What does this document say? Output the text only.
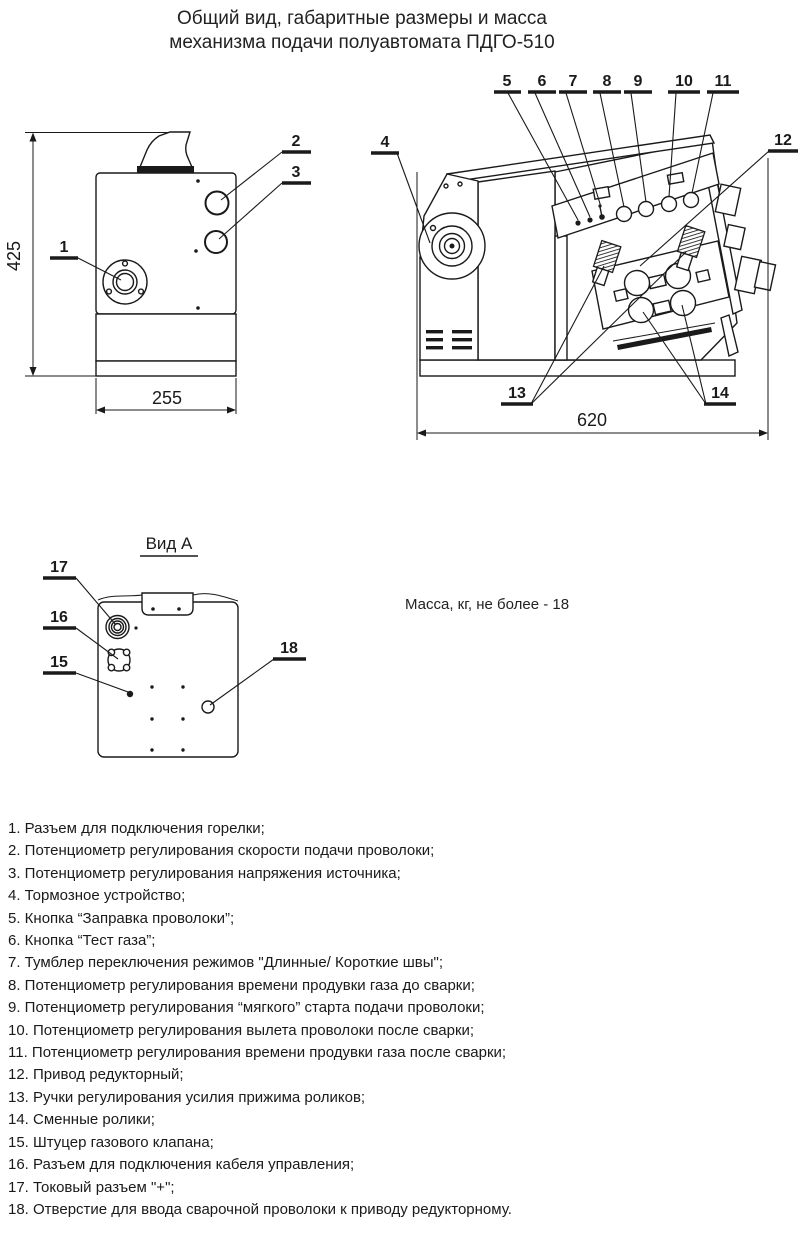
Общий вид, габаритные размеры и масса
механизма подачи полуавтомата ПДГО-510
425
255
1
2
3
620
4
5 6 7 8 9 10 11
12
13	14
Вид А
17
16
15
18
Масса, кг, не более - 18
1. Разъем для подключения горелки;
2. Потенциометр регулирования скорости подачи проволоки;
3. Потенциометр регулирования напряжения источника;
4. Тормозное устройство;
5. Кнопка “Заправка проволоки”;
6. Кнопка “Тест газа”;
7. Тумблер переключения режимов "Длинные/ Короткие швы";
8. Потенциометр регулирования времени продувки газа до сварки;
9. Потенциометр регулирования “мягкого” старта подачи проволоки;
10. Потенциометр регулирования вылета проволоки после сварки;
11. Потенциометр регулирования времени продувки газа после сварки;
12. Привод редукторный;
13. Ручки регулирования усилия прижима роликов;
14. Сменные ролики;
15. Штуцер газового клапана;
16. Разъем для подключения кабеля управления;
17. Токовый разъем "+";
18. Отверстие для ввода сварочной проволоки к приводу редукторному.
